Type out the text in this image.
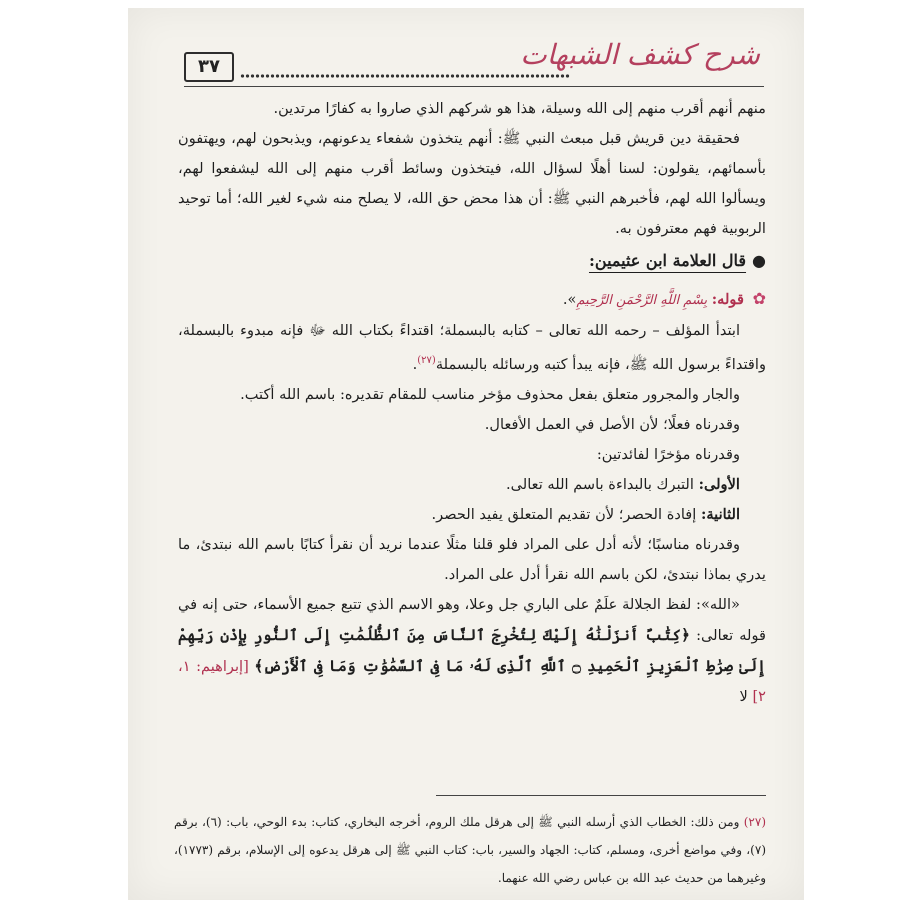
٣٧	شرح كشف الشبهات

منهم أنهم أقرب منهم إلى الله وسيلة، هذا هو شركهم الذي صاروا به كفارًا مرتدين.

فحقيقة دين قريش قبل مبعث النبي ﷺ: أنهم يتخذون شفعاء يدعونهم، ويذبحون لهم، ويهتفون بأسمائهم، يقولون: لسنا أهلًا لسؤال الله، فيتخذون وسائط أقرب منهم إلى الله ليشفعوا لهم، ويسألوا الله لهم، فأخبرهم النبي ﷺ: أن هذا محض حق الله، لا يصلح منه شيء لغير الله؛ أما توحيد الربوبية فهم معترفون به.

●قال العلامة ابن عثيمين:

✿ قوله: بِسْمِ اللَّهِ الرَّحْمَنِ الرَّحِيمِ».

ابتدأ المؤلف – رحمه الله تعالى – كتابه بالبسملة؛ اقتداءً بكتاب الله ﷻ فإنه مبدوء بالبسملة، واقتداءً برسول الله ﷺ، فإنه يبدأ كتبه ورسائله بالبسملة$^{(٢٧)}$.

والجار والمجرور متعلق بفعل محذوف مؤخر مناسب للمقام تقديره: باسم الله أكتب.

وقدرناه فعلًا؛ لأن الأصل في العمل الأفعال.

وقدرناه مؤخرًا لفائدتين:

الأولى: التبرك بالبداءة باسم الله تعالى.

الثانية: إفادة الحصر؛ لأن تقديم المتعلق يفيد الحصر.

وقدرناه مناسبًا؛ لأنه أدل على المراد فلو قلنا مثلًا عندما نريد أن نقرأ كتابًا باسم الله نبتدئ، ما يدري بماذا نبتدئ، لكن باسم الله نقرأ أدل على المراد.

«الله»: لفظ الجلالة علَمٌ على الباري جل وعلا، وهو الاسم الذي تتبع جميع الأسماء، حتى إنه في قوله تعالى: ﴿كِتَٰبٌ أَنزَلْنَٰهُ إِلَيْكَ لِتُخْرِجَ ٱلنَّاسَ مِنَ ٱلظُّلُمَٰتِ إِلَى ٱلنُّورِ بِإِذْنِ رَبِّهِمْ إِلَىٰ صِرَٰطِ ٱلْعَزِيزِ ٱلْحَمِيدِ ۝ ٱللَّهِ ٱلَّذِى لَهُۥ مَا فِى ٱلسَّمَٰوَٰتِ وَمَا فِى ٱلْأَرْضِ﴾ [إبراهيم: ١، ٢] لا

(٢٧) ومن ذلك: الخطاب الذي أرسله النبي ﷺ إلى هرقل ملك الروم، أخرجه البخاري، كتاب: بدء الوحي، باب: (٦)، برقم (٧)، وفي مواضع أخرى، ومسلم، كتاب: الجهاد والسير، باب: كتاب النبي ﷺ إلى هرقل يدعوه إلى الإسلام، برقم (١٧٧٣)، وغيرهما من حديث عبد الله بن عباس رضي الله عنهما.
